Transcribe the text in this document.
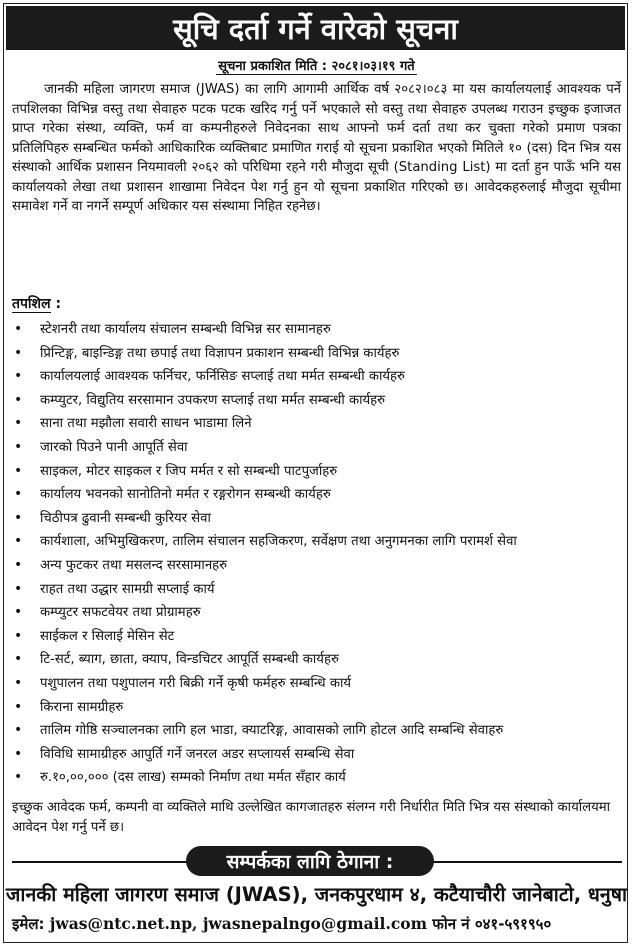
सूचि दर्ता गर्ने वारेको सूचना
सूचना प्रकाशित मिति : २०८१।०३।१९ गते

जानकी महिला जागरण समाज (JWAS) का लागि आगामी आर्थिक वर्ष २०८२।०८३ मा यस कार्यालयलाई आवश्यक पर्ने तपशिलका विभिन्न वस्तु तथा सेवाहरु पटक पटक खरिद गर्नु पर्ने भएकाले सो वस्तु तथा सेवाहरु उपलब्ध गराउन इच्छुक इजाजत प्राप्त गरेका संस्था, व्यक्ति, फर्म वा कम्पनीहरुले निवेदनका साथ आफ्नो फर्म दर्ता तथा कर चुक्ता गरेको प्रमाण पत्रका प्रतिलिपिहरु सम्बन्धित फर्मको आधिकारिक व्यक्तिबाट प्रमाणित गराई यो सूचना प्रकाशित भएको मितिले १० (दस) दिन भित्र यस संस्थाको आर्थिक प्रशासन नियमावली २०६२ को परिधिमा रहने गरी मौजुदा सूची (Standing List) मा दर्ता हुन पाऊँ भनि यस कार्यालयको लेखा तथा प्रशासन शाखामा निवेदन पेश गर्नु हुन यो सूचना प्रकाशित गरिएको छ। आवेदकहरुलाई मौजुदा सूचीमा समावेश गर्ने वा नगर्ने सम्पूर्ण अधिकार यस संस्थामा निहित रहनेछ।

तपशिल :
• स्टेशनरी तथा कार्यालय संचालन सम्बन्धी विभिन्न सर सामानहरु
• प्रिन्टिङ्ग, बाइन्डिङ्ग तथा छपाई तथा विज्ञापन प्रकाशन सम्बन्धी विभिन्न कार्यहरु
• कार्यालयलाई आवश्यक फर्निचर, फर्निसिङ सप्लाई तथा मर्मत सम्बन्धी कार्यहरु
• कम्प्युटर, विद्युतिय सरसामान उपकरण सप्लाई तथा मर्मत सम्बन्धी कार्यहरु
• साना तथा मझौला सवारी साधन भाडामा लिने
• जारको पिउने पानी आपूर्ति सेवा
• साइकल, मोटर साइकल र जिप मर्मत र सो सम्बन्धी पाटपुर्जाहरु
• कार्यालय भवनको सानोतिनो मर्मत र रङ्गरोगन सम्बन्धी कार्यहरु
• चिठीपत्र ढुवानी सम्बन्धी कुरियर सेवा
• कार्यशाला, अभिमुखिकरण, तालिम संचालन सहजिकरण, सर्वेक्षण तथा अनुगमनका लागि परामर्श सेवा
• अन्य फुटकर तथा मसलन्द सरसामानहरु
• राहत तथा उद्धार सामग्री सप्लाई कार्य
• कम्प्युटर सफटवेयर तथा प्रोग्रामहरु
• साईकल र सिलाई मेसिन सेट
• टि-सर्ट, ब्याग, छाता, क्याप, विन्डचिटर आपूर्ति सम्बन्धी कार्यहरु
• पशुपालन तथा पशुपालन गरी बिक्री गर्ने कृषी फर्महरु सम्बन्धि कार्य
• किराना सामग्रीहरु
• तालिम गोष्ठि सञ्चालनका लागि हल भाडा, क्याटरिङ्ग, आवासको लागि होटल आदि सम्बन्धि सेवाहरु
• विविधि सामाग्रीहरु आपुर्ति गर्ने जनरल अडर सप्लायर्स सम्बन्धि सेवा
• रु.१०,००,००० (दस लाख) सम्मको निर्माण तथा मर्मत सँहार कार्य

इच्छुक आवेदक फर्म, कम्पनी वा व्यक्तिले माथि उल्लेखित कागजातहरु संलग्न गरी निर्धारीत मिति भित्र यस संस्थाको कार्यालयमा आवेदन पेश गर्नु पर्ने छ।

सम्पर्कका लागि ठेगाना :
जानकी महिला जागरण समाज (JWAS), जनकपुरधाम ४, कटैयाचौरी जानेबाटो, धनुषा
इमेल: jwas@ntc.net.np, jwasnepalngo@gmail.com फोन नं ०४१-५९१९५०
